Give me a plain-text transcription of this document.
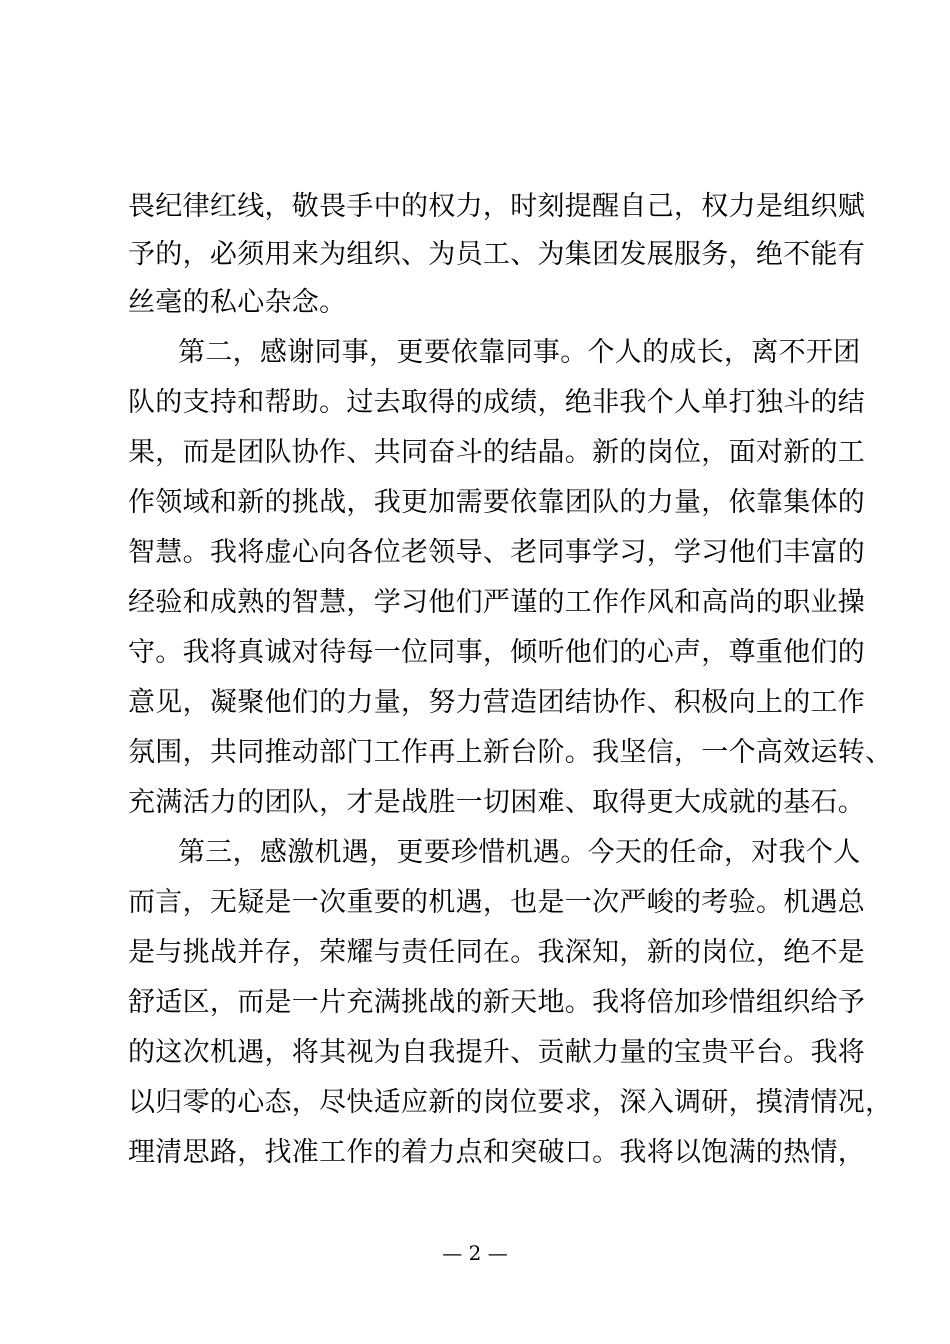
畏纪律红线，敬畏手中的权力，时刻提醒自己，权力是组织赋
予的，必须用来为组织、为员工、为集团发展服务，绝不能有
丝毫的私心杂念。
第二，感谢同事，更要依靠同事。个人的成长，离不开团
队的支持和帮助。过去取得的成绩，绝非我个人单打独斗的结
果，而是团队协作、共同奋斗的结晶。新的岗位，面对新的工
作领域和新的挑战，我更加需要依靠团队的力量，依靠集体的
智慧。我将虚心向各位老领导、老同事学习，学习他们丰富的
经验和成熟的智慧，学习他们严谨的工作作风和高尚的职业操
守。我将真诚对待每一位同事，倾听他们的心声，尊重他们的
意见，凝聚他们的力量，努力营造团结协作、积极向上的工作
氛围，共同推动部门工作再上新台阶。我坚信，一个高效运转、
充满活力的团队，才是战胜一切困难、取得更大成就的基石。
第三，感激机遇，更要珍惜机遇。今天的任命，对我个人
而言，无疑是一次重要的机遇，也是一次严峻的考验。机遇总
是与挑战并存，荣耀与责任同在。我深知，新的岗位，绝不是
舒适区，而是一片充满挑战的新天地。我将倍加珍惜组织给予
的这次机遇，将其视为自我提升、贡献力量的宝贵平台。我将
以归零的心态，尽快适应新的岗位要求，深入调研，摸清情况，
理清思路，找准工作的着力点和突破口。我将以饱满的热情，
— 2 —
